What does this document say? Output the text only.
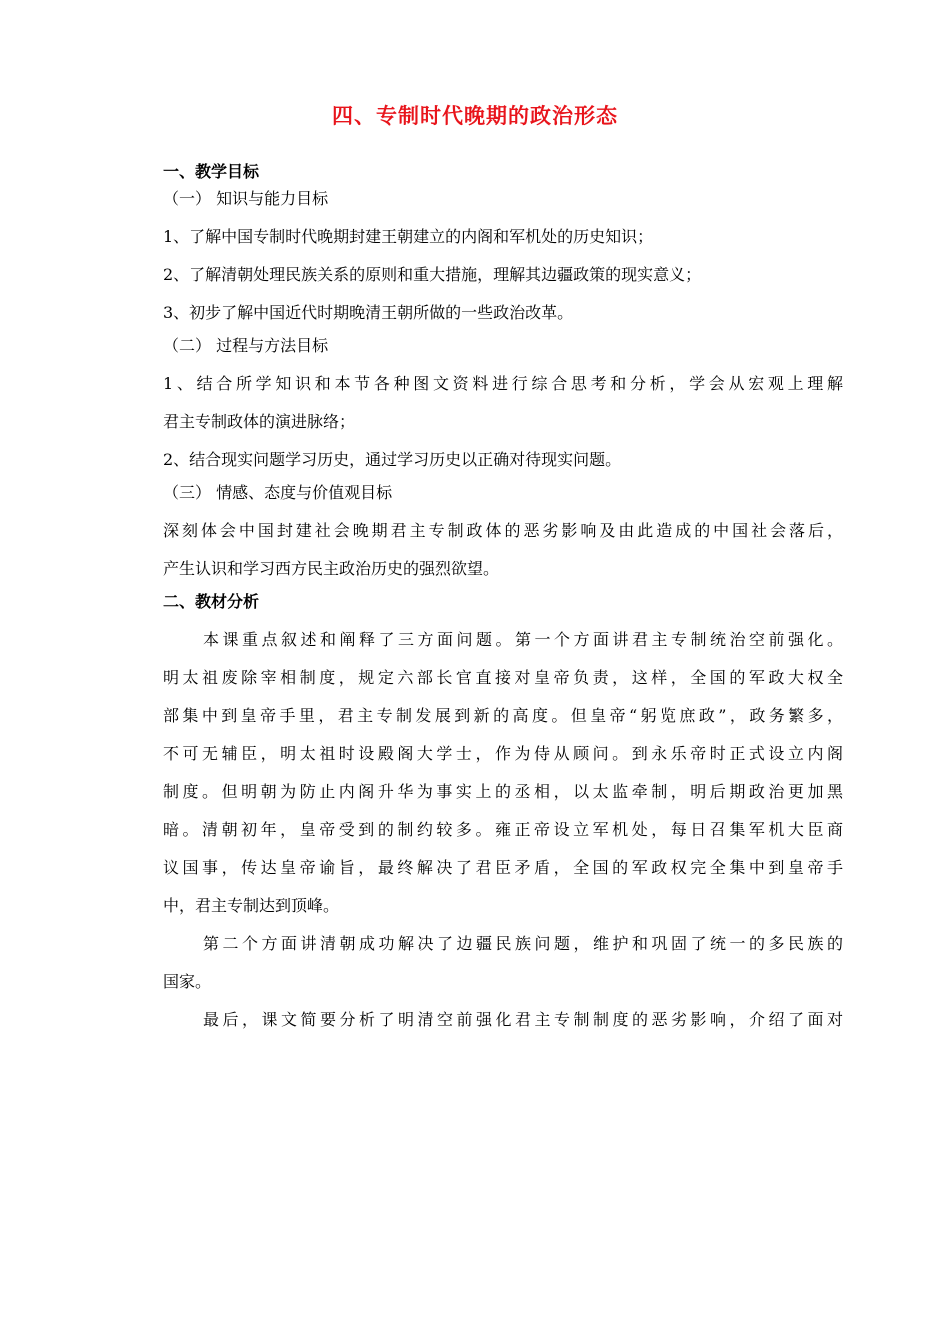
四、专制时代晚期的政治形态
一、教学目标
（一） 知识与能力目标
1、了解中国专制时代晚期封建王朝建立的内阁和军机处的历史知识；
2、了解清朝处理民族关系的原则和重大措施，理解其边疆政策的现实意义；
3、初步了解中国近代时期晚清王朝所做的一些政治改革。
（二） 过程与方法目标
1、结合所学知识和本节各种图文资料进行综合思考和分析，学会从宏观上理解
君主专制政体的演进脉络；
2、结合现实问题学习历史，通过学习历史以正确对待现实问题。
（三） 情感、态度与价值观目标
深刻体会中国封建社会晚期君主专制政体的恶劣影响及由此造成的中国社会落后，
产生认识和学习西方民主政治历史的强烈欲望。
二、教材分析
本课重点叙述和阐释了三方面问题。第一个方面讲君主专制统治空前强化。
明太祖废除宰相制度，规定六部长官直接对皇帝负责，这样，全国的军政大权全
部集中到皇帝手里，君主专制发展到新的高度。但皇帝“躬览庶政”，政务繁多，
不可无辅臣，明太祖时设殿阁大学士，作为侍从顾问。到永乐帝时正式设立内阁
制度。但明朝为防止内阁升华为事实上的丞相，以太监牵制，明后期政治更加黑
暗。清朝初年，皇帝受到的制约较多。雍正帝设立军机处，每日召集军机大臣商
议国事，传达皇帝谕旨，最终解决了君臣矛盾，全国的军政权完全集中到皇帝手
中，君主专制达到顶峰。
第二个方面讲清朝成功解决了边疆民族问题，维护和巩固了统一的多民族的
国家。
最后，课文简要分析了明清空前强化君主专制制度的恶劣影响，介绍了面对
